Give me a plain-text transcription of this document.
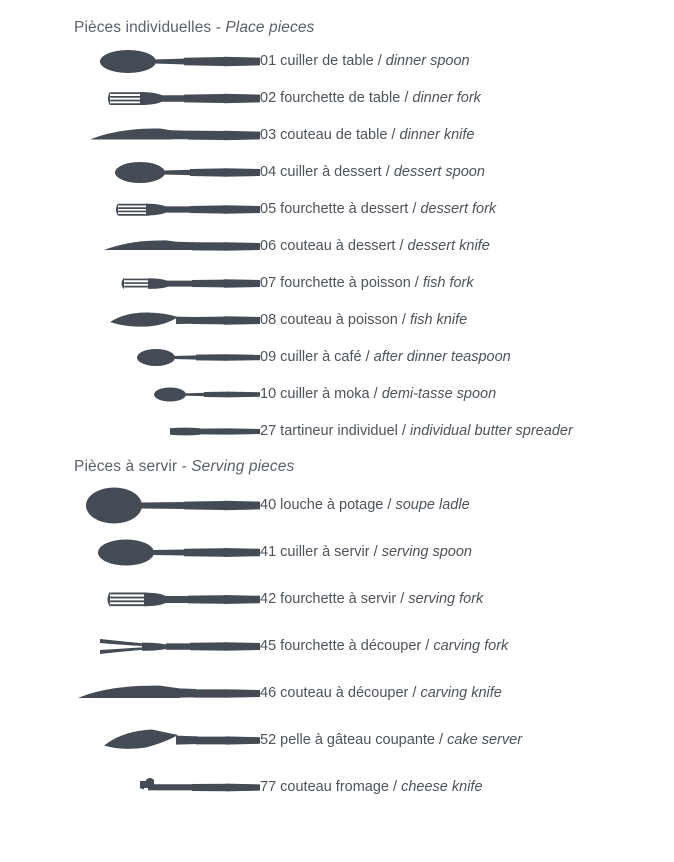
Pièces individuelles - Place pieces
01 cuiller de table / dinner spoon
02 fourchette de table / dinner fork
03 couteau de table / dinner knife
04 cuiller à dessert / dessert spoon
05 fourchette à dessert / dessert fork
06 couteau à dessert / dessert knife
07 fourchette à poisson / fish fork
08 couteau à poisson / fish knife
09 cuiller à café / after dinner teaspoon
10 cuiller à moka / demi-tasse spoon
27 tartineur individuel / individual butter spreader
Pièces à servir - Serving pieces
40 louche à potage / soupe ladle
41 cuiller à servir / serving spoon
42 fourchette à servir / serving fork
45 fourchette à découper / carving fork
46 couteau à découper / carving knife
52 pelle à gâteau coupante / cake server
77 couteau fromage / cheese knife
